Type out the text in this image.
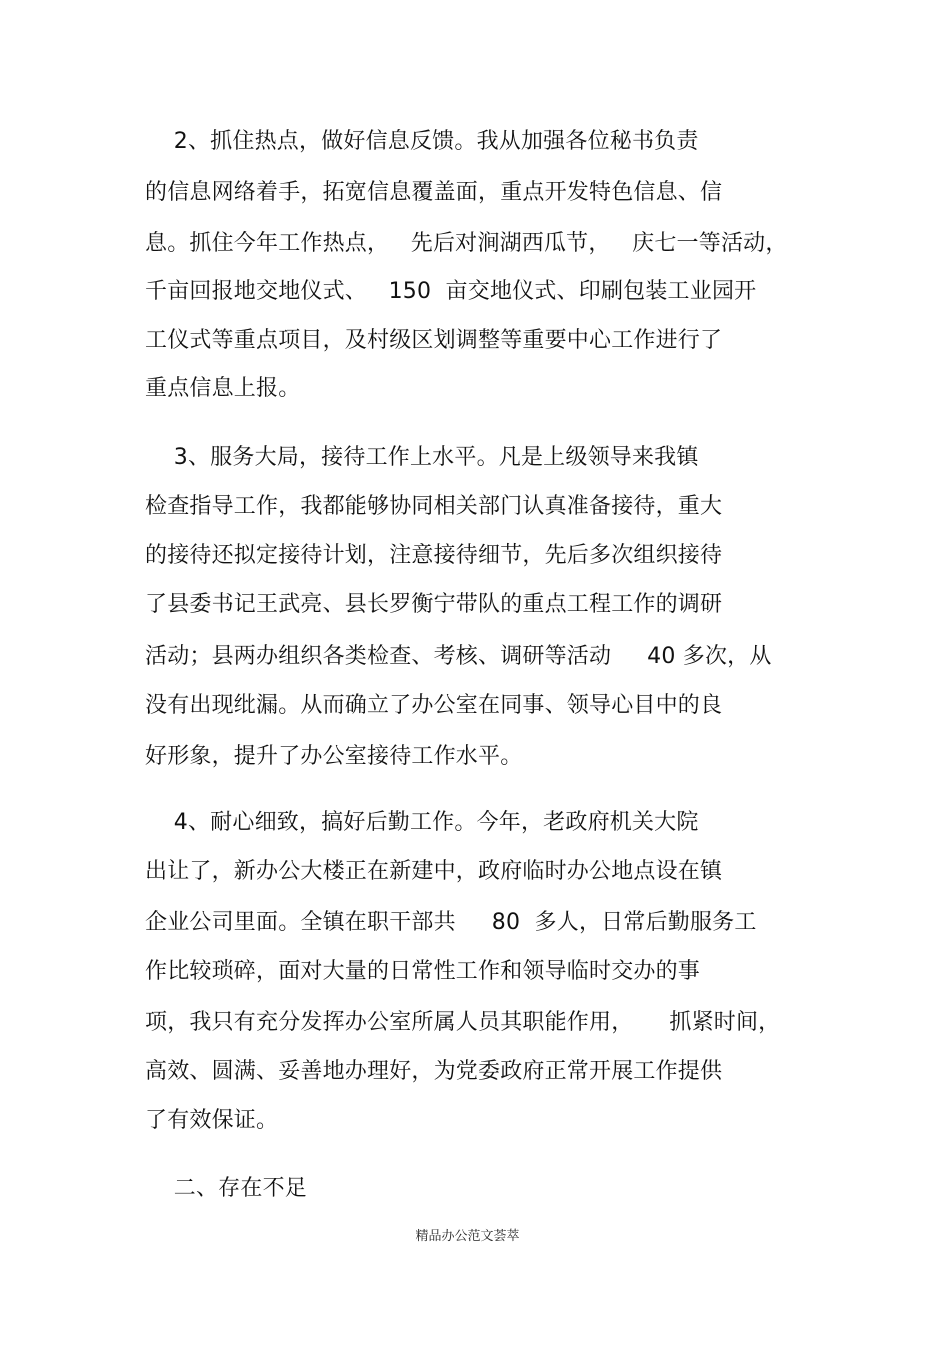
2、抓住热点，做好信息反馈。我从加强各位秘书负责
的信息网络着手，拓宽信息覆盖面，重点开发特色信息、信
息。抓住今年工作热点，   先后对涧湖西瓜节，   庆七一等活动，
千亩回报地交地仪式、   150  亩交地仪式、印刷包装工业园开
工仪式等重点项目，及村级区划调整等重要中心工作进行了
重点信息上报。
3、服务大局，接待工作上水平。凡是上级领导来我镇
检查指导工作，我都能够协同相关部门认真准备接待，重大
的接待还拟定接待计划，注意接待细节，先后多次组织接待
了县委书记王武亮、县长罗衡宁带队的重点工程工作的调研
活动；县两办组织各类检查、考核、调研等活动     40 多次，从
没有出现纰漏。从而确立了办公室在同事、领导心目中的良
好形象，提升了办公室接待工作水平。
4、耐心细致，搞好后勤工作。今年，老政府机关大院
出让了，新办公大楼正在新建中，政府临时办公地点设在镇
企业公司里面。全镇在职干部共     80  多人，日常后勤服务工
作比较琐碎，面对大量的日常性工作和领导临时交办的事
项，我只有充分发挥办公室所属人员其职能作用，     抓紧时间，
高效、圆满、妥善地办理好，为党委政府正常开展工作提供
了有效保证。
二、存在不足
精品办公范文荟萃
